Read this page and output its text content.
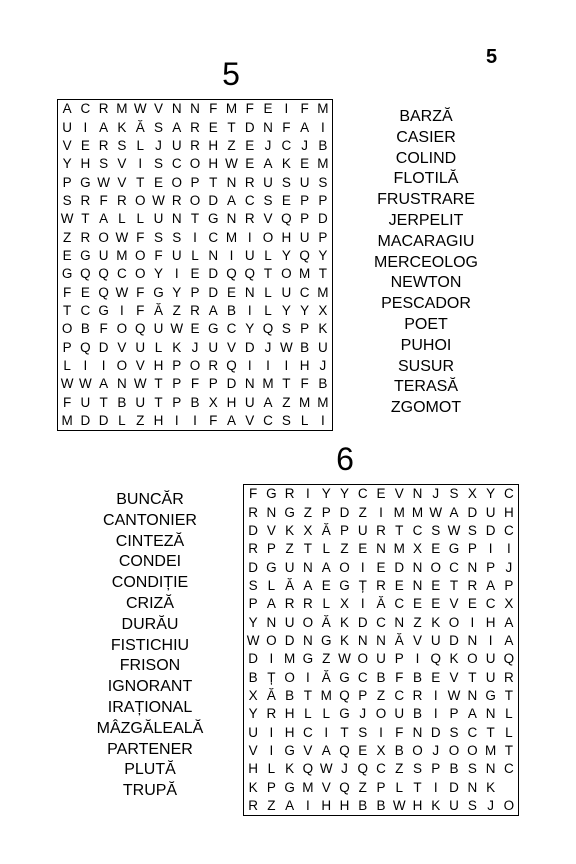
5
5
A C R M W V N N F M F E I F M
U I A K Ă S A R E T D N F A I
V E R S L J U R H Z E J C J B
Y H S V I S C O H W E A K E M
P G W V T E O P T N R U S U S
S R F R O W R O D A C S E P P
W T A L L U N T G N R V Q P D
Z R O W F S S I C M I O H U P
E G U M O F U L N I U L Y Q Y
G Q Q C O Y I E D Q Q T O M T
F E Q W F G Y P D E N L U C M
T C G I F Ă Z R A B I L Y Y X
O B F O Q U W E G C Y Q S P K
P Q D V U L K J U V D J W B U
L I	I O V H P O R Q I	I	I H J
W W A N W T P F P D N M T F B
F U T B U T P B X H U A Z M M
M D D L Z H I	I F A V C S L I
BARZĂ
CASIER
COLIND
FLOTILĂ
FRUSTRARE
JERPELIT
MACARAGIU
MERCEOLOG
NEWTON
PESCADOR
POET
PUHOI
SUSUR
TERASĂ
ZGOMOT
6
F G R I Y Y C E V N J S X Y C
R N G Z P D Z I M M W A D U H
D V K X Ă P U R T C S W S D C
R P Z T L Z E N M X E G P I	I
D G U N A O I E D N O C N P J
S L Ă A E G Ț R E N E T R A P
P A R R L X I Ă C E E V E C X
Y N U O Ă K D C N Z K O I H A
W O D N G K N N Ă V U D N I A
D I M G Z W O U P I Q K O U Q
B Ț O I Ă G C B F B E V T U R
X Ă B T M Q P Z C R I W N G T
Y R H L L G J O U B I P A N L
U I H C I T S I F N D S C T L
V I G V A Q E X B O J O O M T
H L K Q W J Q C Z S P B S N C
K P G M V Q Z P L T I D N K
R Z A I H H B B W H K U S J O
BUNCĂR
CANTONIER
CINTEZĂ
CONDEI
CONDIȚIE
CRIZĂ
DURĂU
FISTICHIU
FRISON
IGNORANT
IRAȚIONAL
MÂZGĂLEALĂ
PARTENER
PLUTĂ
TRUPĂ
